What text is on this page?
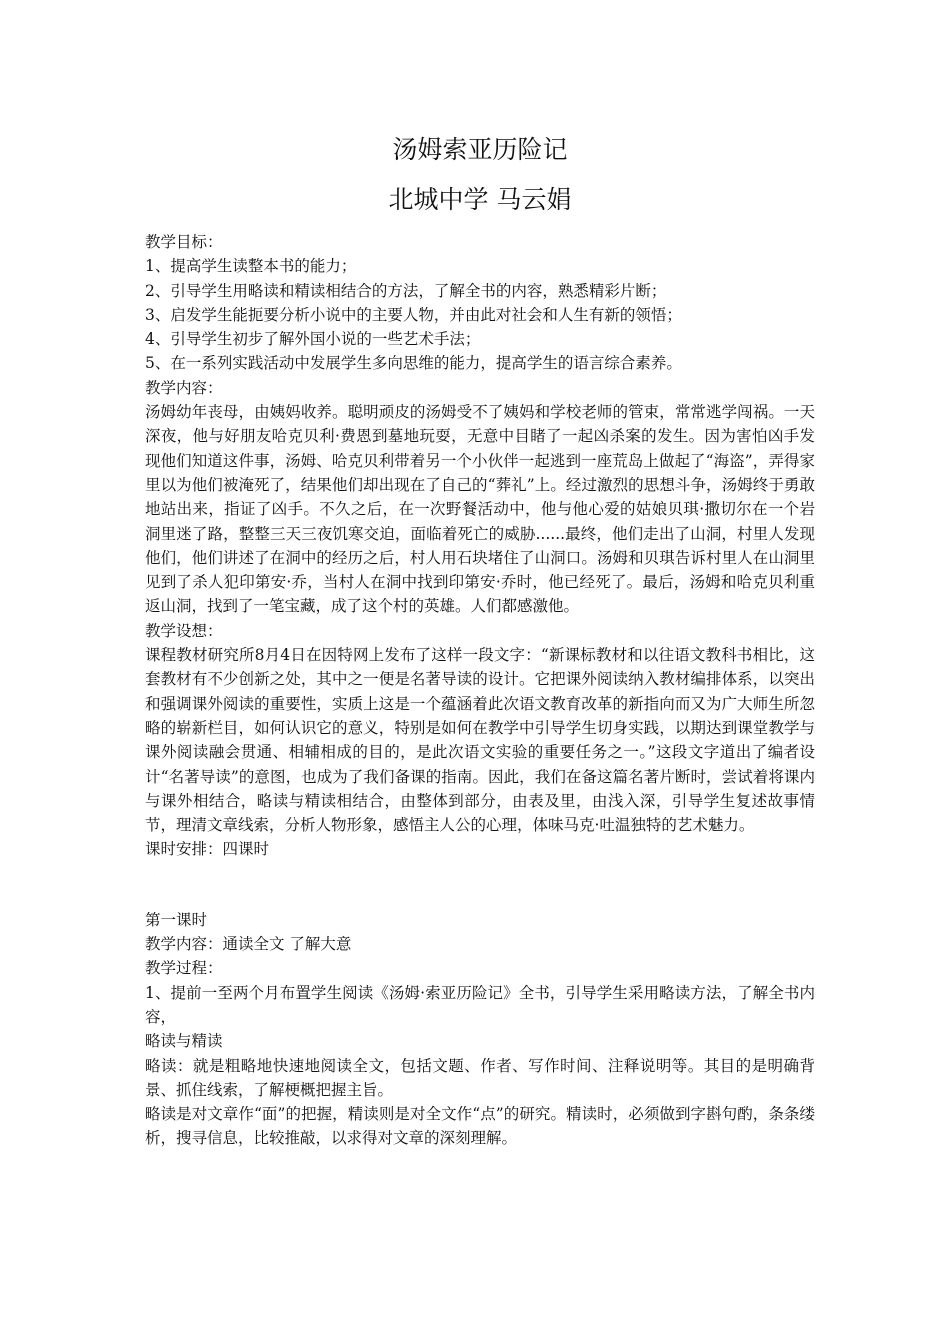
汤姆索亚历险记
北城中学 马云娟

教学目标：

1、提高学生读整本书的能力；

2、引导学生用略读和精读相结合的方法，了解全书的内容，熟悉精彩片断；

3、启发学生能扼要分析小说中的主要人物，并由此对社会和人生有新的领悟；

4、引导学生初步了解外国小说的一些艺术手法；

5、在一系列实践活动中发展学生多向思维的能力，提高学生的语言综合素养。

教学内容：

汤姆幼年丧母，由姨妈收养。聪明顽皮的汤姆受不了姨妈和学校老师的管束，常常逃学闯祸。一天深夜，他与好朋友哈克贝利·费恩到墓地玩耍，无意中目睹了一起凶杀案的发生。因为害怕凶手发现他们知道这件事，汤姆、哈克贝利带着另一个小伙伴一起逃到一座荒岛上做起了“海盗”，弄得家里以为他们被淹死了，结果他们却出现在了自己的“葬礼”上。经过激烈的思想斗争，汤姆终于勇敢地站出来，指证了凶手。不久之后，在一次野餐活动中，他与他心爱的姑娘贝琪·撒切尔在一个岩洞里迷了路，整整三天三夜饥寒交迫，面临着死亡的威胁......最终，他们走出了山洞，村里人发现他们，他们讲述了在洞中的经历之后，村人用石块堵住了山洞口。汤姆和贝琪告诉村里人在山洞里见到了杀人犯印第安·乔，当村人在洞中找到印第安·乔时，他已经死了。最后，汤姆和哈克贝利重返山洞，找到了一笔宝藏，成了这个村的英雄。人们都感激他。

教学设想：

课程教材研究所8月4日在因特网上发布了这样一段文字：“新课标教材和以往语文教科书相比，这套教材有不少创新之处，其中之一便是名著导读的设计。它把课外阅读纳入教材编排体系，以突出和强调课外阅读的重要性，实质上这是一个蕴涵着此次语文教育改革的新指向而又为广大师生所忽略的崭新栏目，如何认识它的意义，特别是如何在教学中引导学生切身实践，以期达到课堂教学与课外阅读融会贯通、相辅相成的目的，是此次语文实验的重要任务之一。”这段文字道出了编者设计“名著导读”的意图，也成为了我们备课的指南。因此，我们在备这篇名著片断时，尝试着将课内与课外相结合，略读与精读相结合，由整体到部分，由表及里，由浅入深，引导学生复述故事情节，理清文章线索，分析人物形象，感悟主人公的心理，体味马克·吐温独特的艺术魅力。

课时安排：四课时

第一课时

教学内容：通读全文 了解大意

教学过程：

1、提前一至两个月布置学生阅读《汤姆·索亚历险记》全书，引导学生采用略读方法，了解全书内容，

略读与精读

略读：就是粗略地快速地阅读全文，包括文题、作者、写作时间、注释说明等。其目的是明确背景、抓住线索，了解梗概把握主旨。

略读是对文章作“面”的把握，精读则是对全文作“点”的研究。精读时，必须做到字斟句酌，条条缕析，搜寻信息，比较推敲，以求得对文章的深刻理解。
